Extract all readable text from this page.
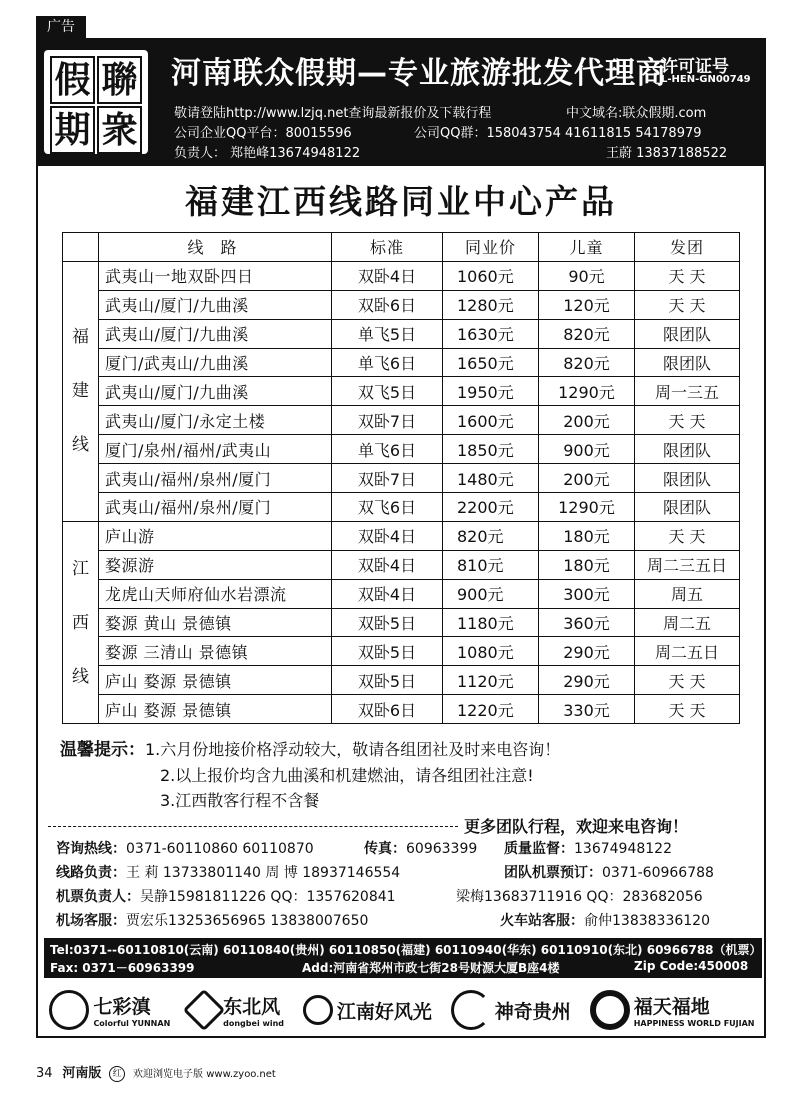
广告
假 聯
期 衆
河南联众假期—专业旅游批发代理商
许可证号
L-HEN-GN00749
敬请登陆http://www.lzjq.net查询最新报价及下载行程	中文域名:联众假期.com
公司企业QQ平台：80015596	公司QQ群：158043754 41611815 54178979
负责人： 郑艳峰13674948122	王蔚 13837188522
福建江西线路同业中心产品
	线 路	标准	同业价	儿童	发团

福
建
线	武夷山一地双卧四日	双卧4日	1060元	90元	天 天
	武夷山/厦门/九曲溪	双卧6日	1280元	120元	天 天
	武夷山/厦门/九曲溪	单飞5日	1630元	820元	限团队
	厦门/武夷山/九曲溪	单飞6日	1650元	820元	限团队
	武夷山/厦门/九曲溪	双飞5日	1950元	1290元	周一三五
	武夷山/厦门/永定土楼	双卧7日	1600元	200元	天 天
	厦门/泉州/福州/武夷山	单飞6日	1850元	900元	限团队
	武夷山/福州/泉州/厦门	双卧7日	1480元	200元	限团队
	武夷山/福州/泉州/厦门	双飞6日	2200元	1290元	限团队

江
西
线	庐山游	双卧4日	820元	180元	天 天
	婺源游	双卧4日	810元	180元	周二三五日
	龙虎山天师府仙水岩漂流	双卧4日	900元	300元	周五
	婺源 黄山 景德镇	双卧5日	1180元	360元	周二五
	婺源 三清山 景德镇	双卧5日	1080元	290元	周二五日
	庐山 婺源 景德镇	双卧5日	1120元	290元	天 天
	庐山 婺源 景德镇	双卧6日	1220元	330元	天 天
温馨提示：1.六月份地接价格浮动较大，敬请各组团社及时来电咨询！
2.以上报价均含九曲溪和机建燃油，请各组团社注意!
3.江西散客行程不含餐
更多团队行程，欢迎来电咨询！
咨询热线：0371-60110860 60110870	传真：60963399 质量监督：13674948122
线路负责：王 莉 13733801140 周 博 18937146554	团队机票预订：0371-60966788
机票负责人：吴静15981811226 QQ：1357620841	梁梅13683711916 QQ：283682056
机场客服：贾宏乐13253656965 13838007650	火车站客服：俞仲13838336120
Tel:0371--60110810(云南) 60110840(贵州) 60110850(福建) 60110940(华东) 60110910(东北) 60966788（机票）
Fax: 0371－60963399	Add:河南省郑州市政七街28号财源大厦B座4楼	Zip Code:450008
七彩滇
Colorful YUNNAN
东北风
dongbei wind
江南好风光	神奇贵州	福天福地
HAPPINESS WORLD FUJIAN
34 河南版 红 欢迎浏览电子版 www.zyoo.net
